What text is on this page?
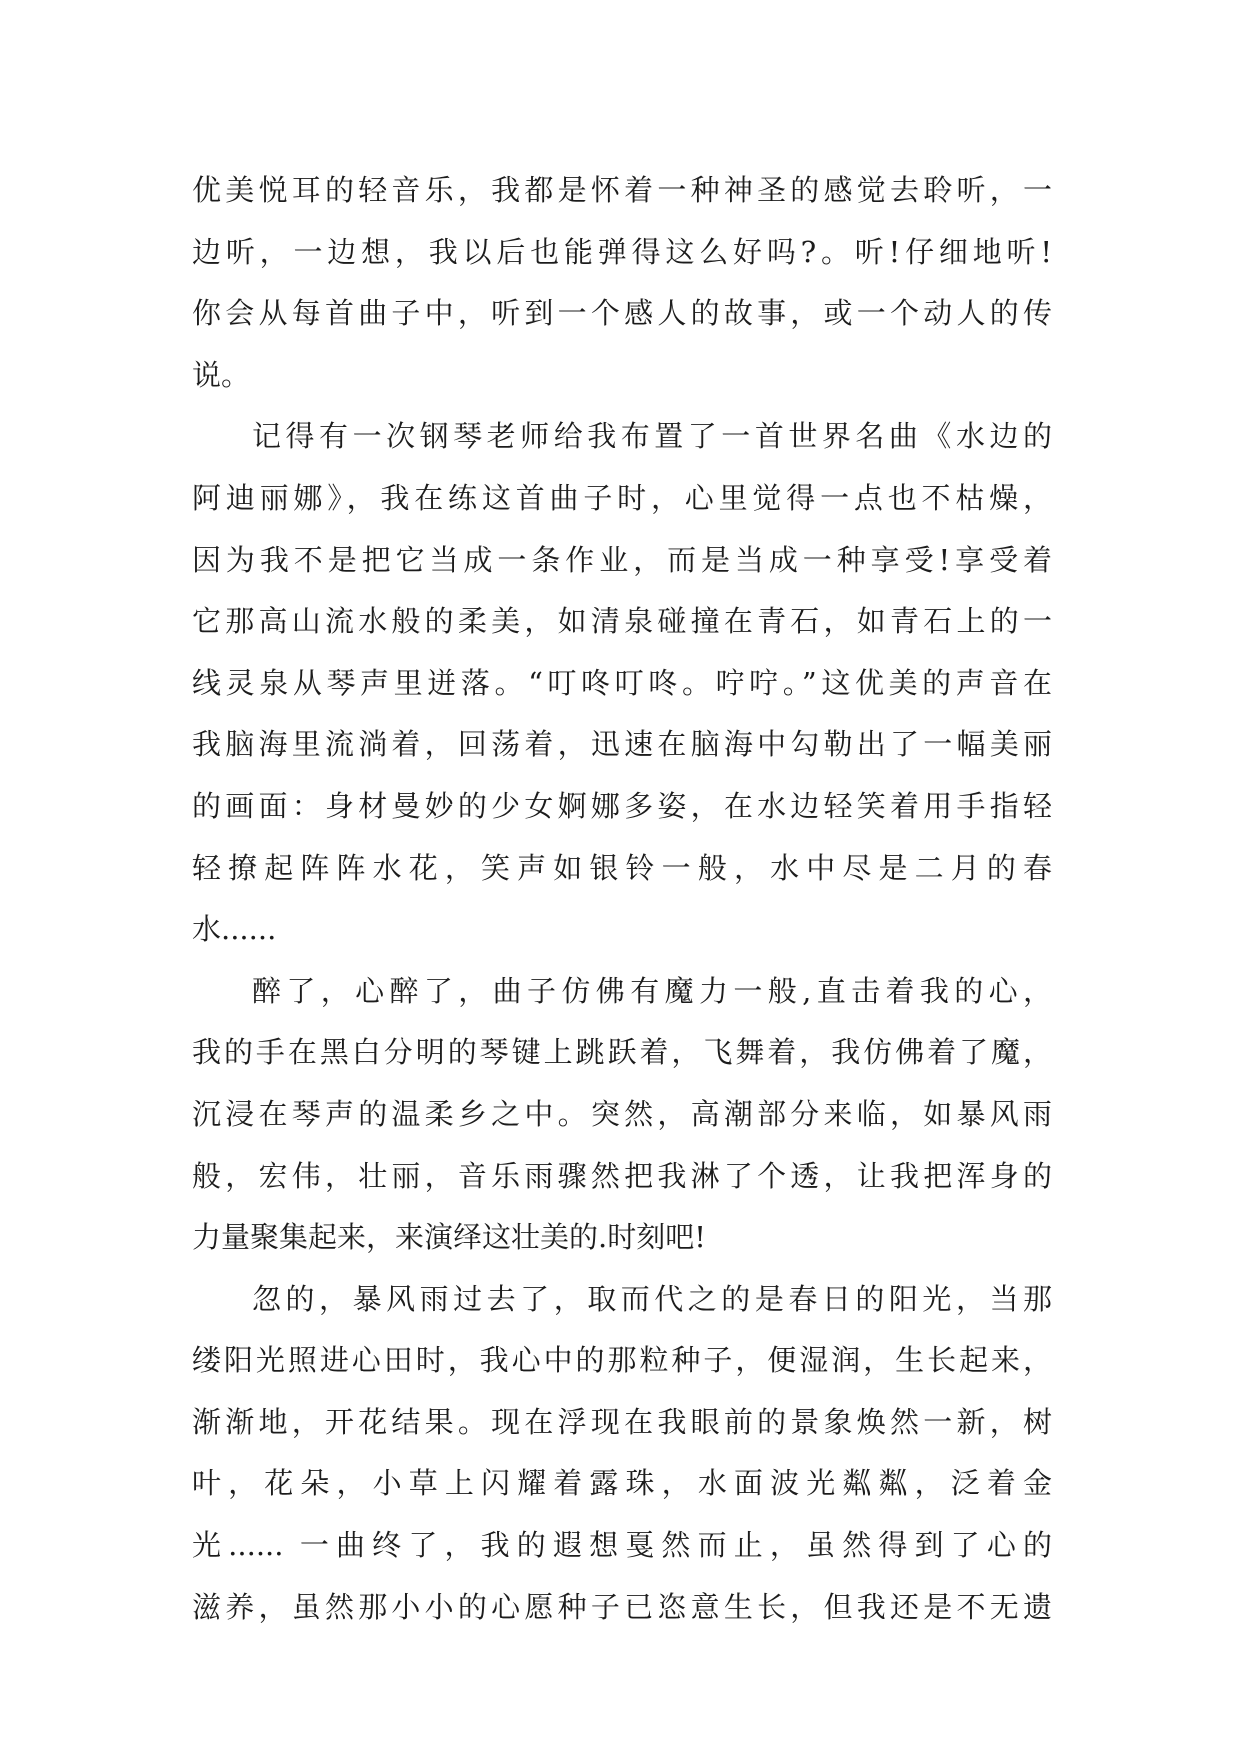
优美悦耳的轻音乐，我都是怀着一种神圣的感觉去聆听，一
边听，一边想，我以后也能弹得这么好吗?。听!仔细地听!
你会从每首曲子中，听到一个感人的故事，或一个动人的传
说。
记得有一次钢琴老师给我布置了一首世界名曲《水边的
阿迪丽娜》，我在练这首曲子时，心里觉得一点也不枯燥，
因为我不是把它当成一条作业，而是当成一种享受!享受着
它那高山流水般的柔美，如清泉碰撞在青石，如青石上的一
线灵泉从琴声里迸落。“叮咚叮咚。咛咛。”这优美的声音在
我脑海里流淌着，回荡着，迅速在脑海中勾勒出了一幅美丽
的画面：身材曼妙的少女婀娜多姿，在水边轻笑着用手指轻
轻撩起阵阵水花，笑声如银铃一般，水中尽是二月的春
水......
醉了，心醉了，曲子仿佛有魔力一般,直击着我的心，
我的手在黑白分明的琴键上跳跃着，飞舞着，我仿佛着了魔，
沉浸在琴声的温柔乡之中。突然，高潮部分来临，如暴风雨
般，宏伟，壮丽，音乐雨骤然把我淋了个透，让我把浑身的
力量聚集起来，来演绎这壮美的.时刻吧!
忽的，暴风雨过去了，取而代之的是春日的阳光，当那
缕阳光照进心田时，我心中的那粒种子，便湿润，生长起来，
渐渐地，开花结果。现在浮现在我眼前的景象焕然一新，树
叶，花朵，小草上闪耀着露珠，水面波光粼粼，泛着金
光...... 一曲终了，我的遐想戛然而止，虽然得到了心的
滋养，虽然那小小的心愿种子已恣意生长，但我还是不无遗
